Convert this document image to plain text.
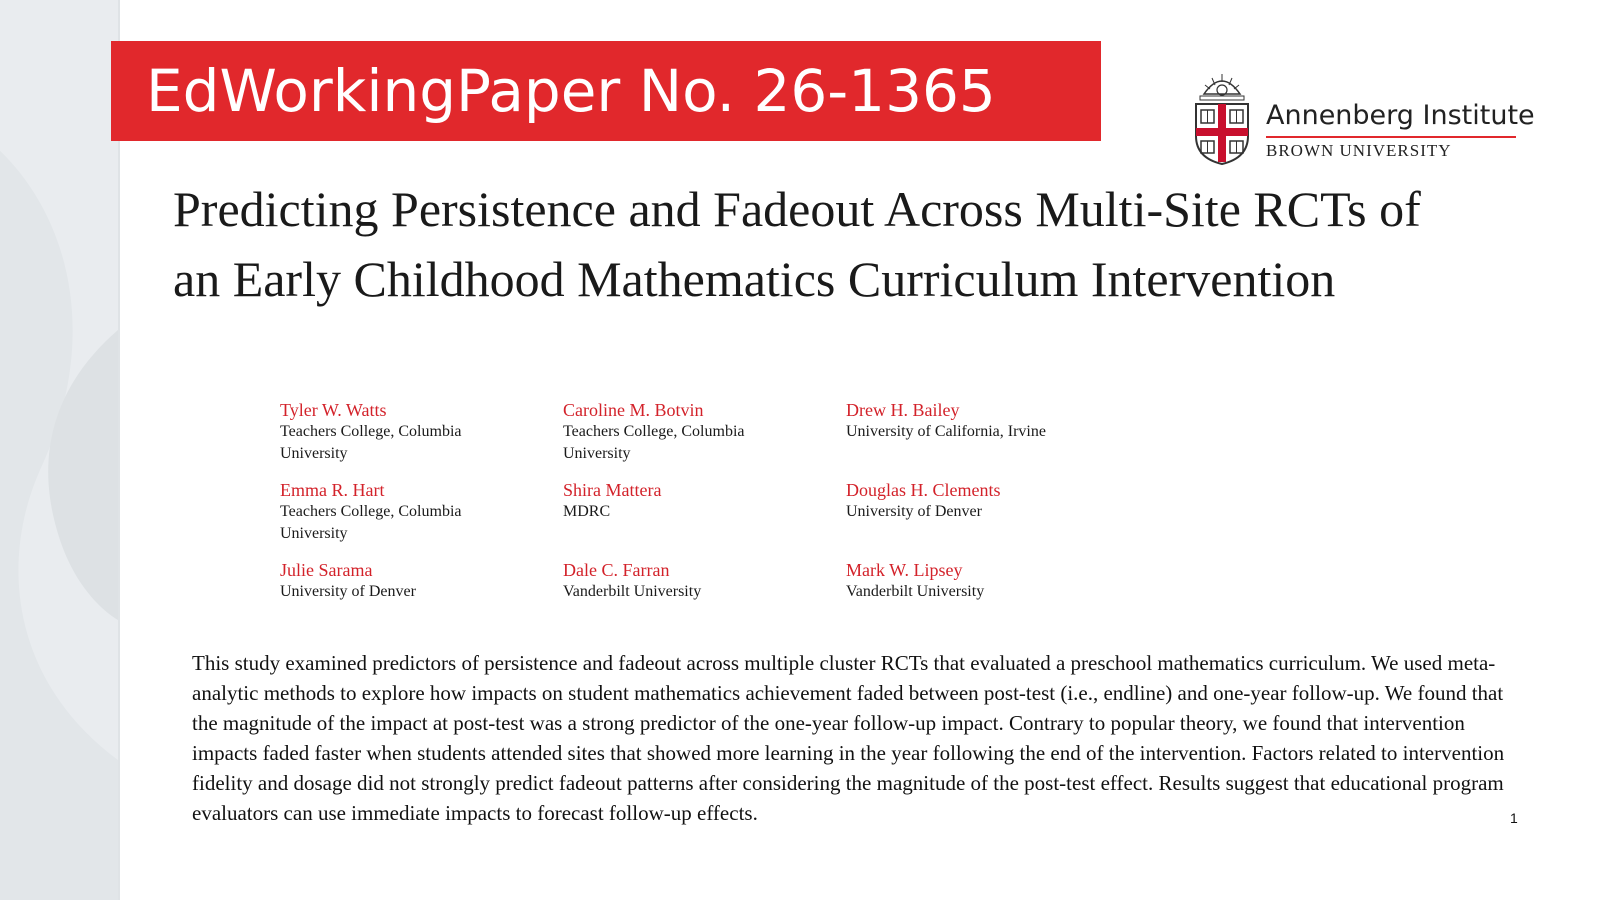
EdWorkingPaper No. 26-1365	Annenberg Institute
BROWN UNIVERSITY
Predicting Persistence and Fadeout Across Multi-Site RCTs of an Early Childhood Mathematics Curriculum Intervention
Tyler W. Watts
Teachers College, Columbia University
Caroline M. Botvin
Teachers College, Columbia University
Drew H. Bailey
University of California, Irvine
Emma R. Hart
Teachers College, Columbia University
Shira Mattera
MDRC
Douglas H. Clements
University of Denver
Julie Sarama
University of Denver
Dale C. Farran
Vanderbilt University
Mark W. Lipsey
Vanderbilt University

This study examined predictors of persistence and fadeout across multiple cluster RCTs that evaluated a preschool mathematics curriculum. We used meta-analytic methods to explore how impacts on student mathematics achievement faded between post-test (i.e., endline) and one-year follow-up. We found that the magnitude of the impact at post-test was a strong predictor of the one-year follow-up impact. Contrary to popular theory, we found that intervention impacts faded faster when students attended sites that showed more learning in the year following the end of the intervention. Factors related to intervention fidelity and dosage did not strongly predict fadeout patterns after considering the magnitude of the post-test effect. Results suggest that educational program evaluators can use immediate impacts to forecast follow-up effects.	1
